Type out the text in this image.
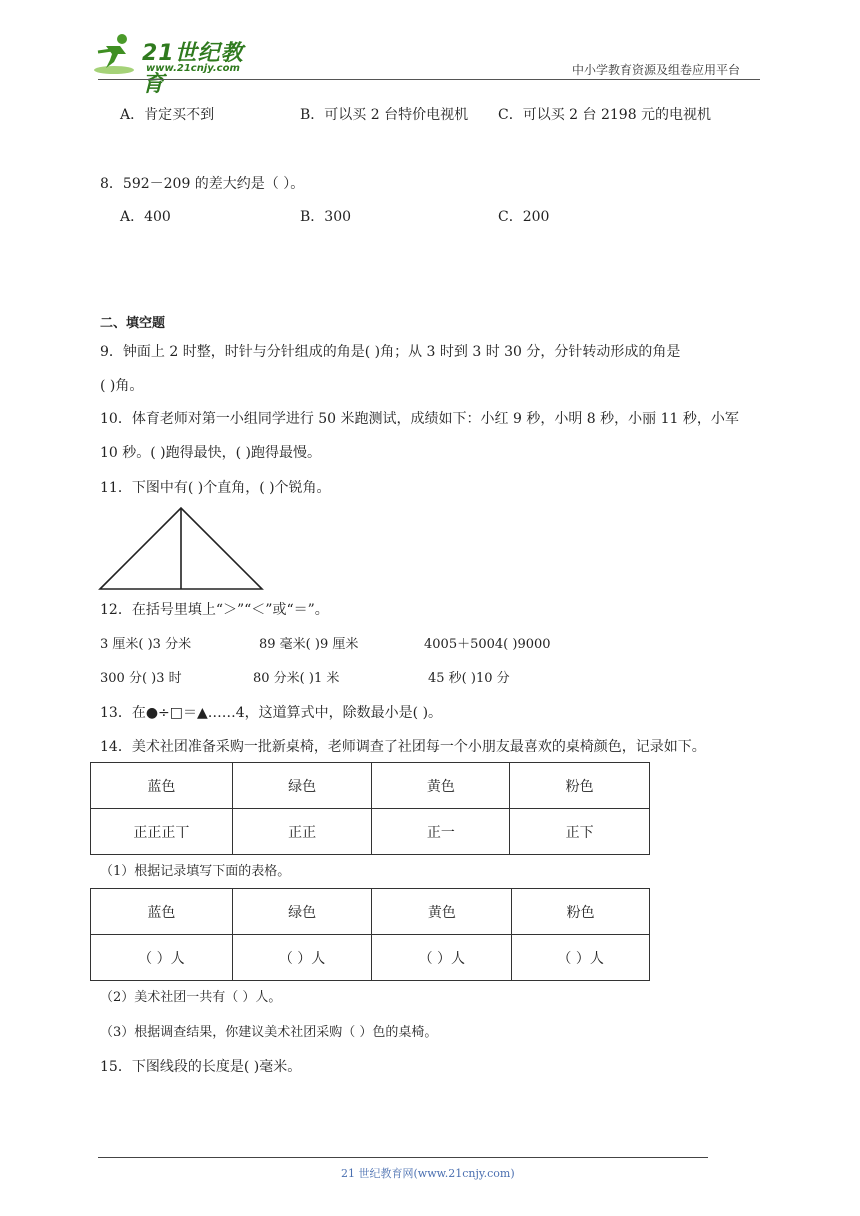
21世纪教育
www.21cnjy.com	中小学教育资源及组卷应用平台
A．肯定买不到	B．可以买 2 台特价电视机 C．可以买 2 台 2198 元的电视机
8．592－209 的差大约是（ ）。
A．400	B．300	C．200
二、填空题
9．钟面上 2 时整，时针与分针组成的角是( )角；从 3 时到 3 时 30 分，分针转动形成的角是
( )角。
10．体育老师对第一小组同学进行 50 米跑测试，成绩如下：小红 9 秒，小明 8 秒，小丽 11 秒，小军
10 秒。( )跑得最快，( )跑得最慢。
11．下图中有( )个直角，( )个锐角。
12．在括号里填上“＞”“＜”或“＝”。
3 厘米( )3 分米	89 毫米( )9 厘米	4005＋5004( )9000
300 分( )3 时	80 分米( )1 米	45 秒( )10 分
13．在●÷□＝▲……4，这道算式中，除数最小是( )。
14．美术社团准备采购一批新桌椅，老师调查了社团每一个小朋友最喜欢的桌椅颜色，记录如下。
蓝色	绿色	黄色	粉色
正正正丅	正正	正一	正下
（1）根据记录填写下面的表格。
蓝色	绿色	黄色	粉色
（ ）人	（ ）人	（ ）人	（ ）人
（2）美术社团一共有（ ）人。
（3）根据调查结果，你建议美术社团采购（ ）色的桌椅。
15．下图线段的长度是( )毫米。
21 世纪教育网(www.21cnjy.com)
